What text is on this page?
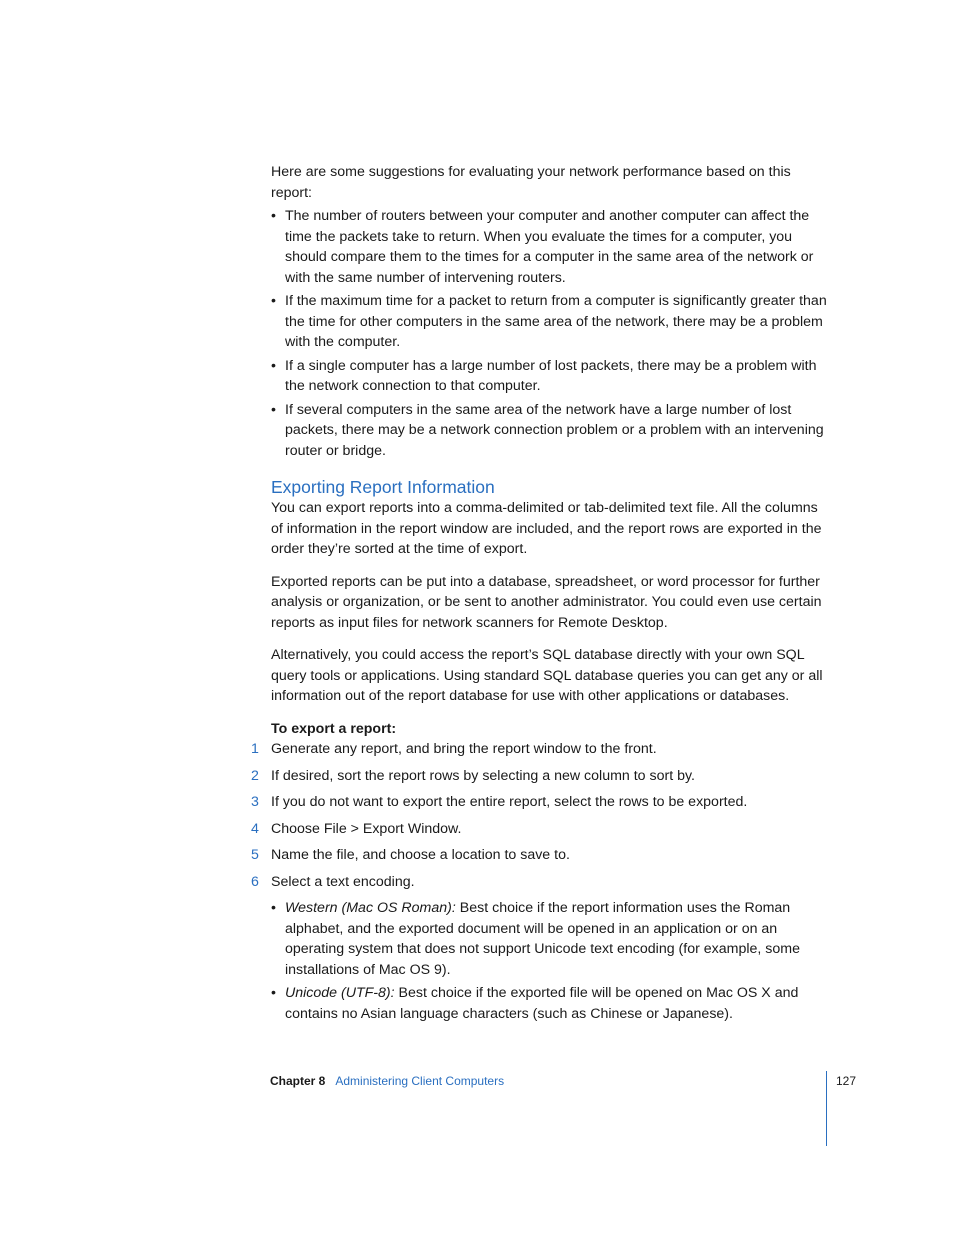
Here are some suggestions for evaluating your network performance based on this report:

• The number of routers between your computer and another computer can affect the time the packets take to return. When you evaluate the times for a computer, you should compare them to the times for a computer in the same area of the network or with the same number of intervening routers.
• If the maximum time for a packet to return from a computer is significantly greater than the time for other computers in the same area of the network, there may be a problem with the computer.
• If a single computer has a large number of lost packets, there may be a problem with the network connection to that computer.
• If several computers in the same area of the network have a large number of lost packets, there may be a network connection problem or a problem with an intervening router or bridge.
Exporting Report Information

You can export reports into a comma-delimited or tab-delimited text file. All the columns of information in the report window are included, and the report rows are exported in the order they’re sorted at the time of export.

Exported reports can be put into a database, spreadsheet, or word processor for further analysis or organization, or be sent to another administrator. You could even use certain reports as input files for network scanners for Remote Desktop.

Alternatively, you could access the report’s SQL database directly with your own SQL query tools or applications. Using standard SQL database queries you can get any or all information out of the report database for use with other applications or databases.

To export a report:

1 Generate any report, and bring the report window to the front.
2 If desired, sort the report rows by selecting a new column to sort by.
3 If you do not want to export the entire report, select the rows to be exported.
4 Choose File > Export Window.
5 Name the file, and choose a location to save to.
6 Select a text encoding.
• Western (Mac OS Roman): Best choice if the report information uses the Roman alphabet, and the exported document will be opened in an application or on an operating system that does not support Unicode text encoding (for example, some installations of Mac OS 9).
• Unicode (UTF-8): Best choice if the exported file will be opened on Mac OS X and contains no Asian language characters (such as Chinese or Japanese).
Chapter 8 Administering Client Computers	127
